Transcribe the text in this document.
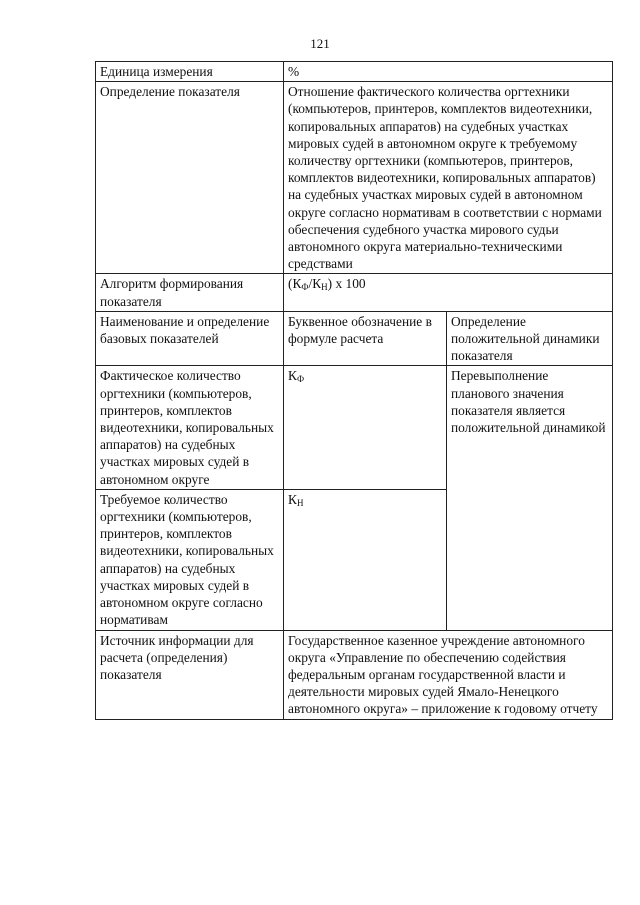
121
Единица измерения	%	
Определение показателя	Отношение фактического количества оргтехники (компьютеров, принтеров, комплектов видеотехники, копировальных аппаратов) на судебных участках мировых судей в автономном округе к требуемому количеству оргтехники (компьютеров, принтеров, комплектов видеотехники, копировальных аппаратов) на судебных участках мировых судей в автономном округе согласно нормативам в соответствии с нормами обеспечения судебного участка мирового судьи автономного округа материально-техническими средствами	
Алгоритм формирования показателя	$(К_Ф/К_Н)$ x 100	
Наименование и определение базовых показателей	Буквенное обозначение в формуле расчета	Определение положительной динамики показателя
Фактическое количество оргтехники (компьютеров, принтеров, комплектов видеотехники, копировальных аппаратов) на судебных участках мировых судей в автономном округе	$К_Ф$	Перевыполнение планового значения показателя является положительной динамикой
Требуемое количество оргтехники (компьютеров, принтеров, комплектов видеотехники, копировальных аппаратов) на судебных участках мировых судей в автономном округе согласно нормативам	$К_Н$
Источник информации для расчета (определения) показателя	Государственное казенное учреждение автономного округа «Управление по обеспечению содействия федеральным органам государственной власти и деятельности мировых судей Ямало-Ненецкого автономного округа» – приложение к годовому отчету	
